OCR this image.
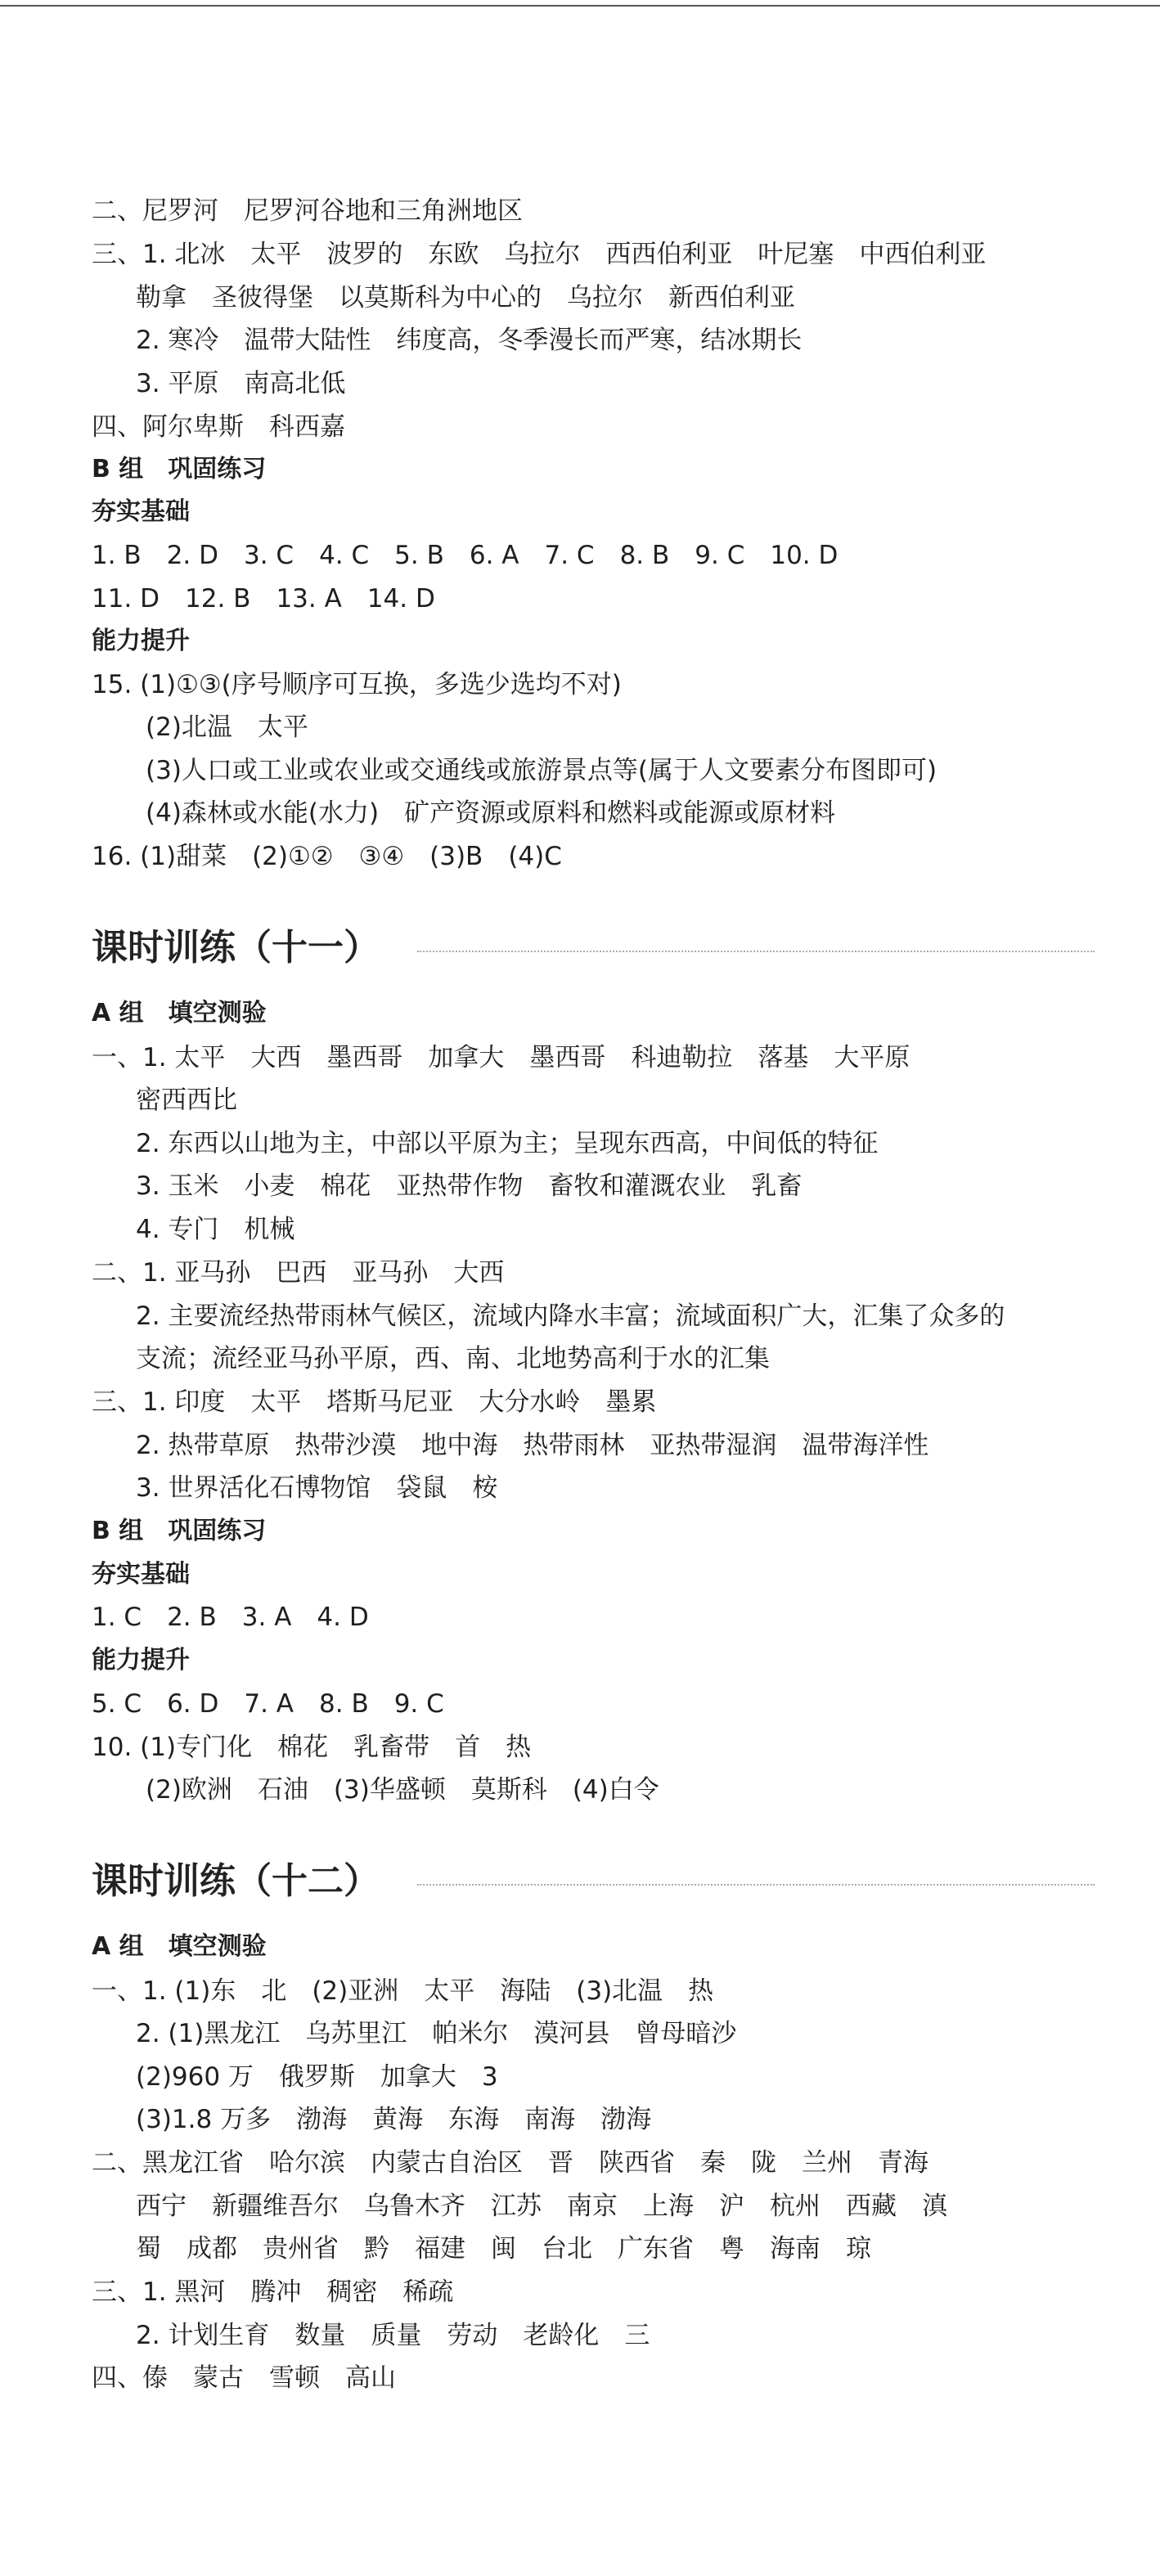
二、尼罗河　尼罗河谷地和三角洲地区
三、1. 北冰　太平　波罗的　东欧　乌拉尔　西西伯利亚　叶尼塞　中西伯利亚
勒拿　圣彼得堡　以莫斯科为中心的　乌拉尔　新西伯利亚
2. 寒冷　温带大陆性　纬度高，冬季漫长而严寒，结冰期长
3. 平原　南高北低
四、阿尔卑斯　科西嘉
B 组　巩固练习
夯实基础
1. B　2. D　3. C　4. C　5. B　6. A　7. C　8. B　9. C　10. D
11. D　12. B　13. A　14. D
能力提升
15. (1)①③(序号顺序可互换，多选少选均不对)
(2)北温　太平
(3)人口或工业或农业或交通线或旅游景点等(属于人文要素分布图即可)
(4)森林或水能(水力)　矿产资源或原料和燃料或能源或原材料
16. (1)甜菜　(2)①②　③④　(3)B　(4)C
课时训练（十一）
A 组　填空测验
一、1. 太平　大西　墨西哥　加拿大　墨西哥　科迪勒拉　落基　大平原
密西西比
2. 东西以山地为主，中部以平原为主；呈现东西高，中间低的特征
3. 玉米　小麦　棉花　亚热带作物　畜牧和灌溉农业　乳畜
4. 专门　机械
二、1. 亚马孙　巴西　亚马孙　大西
2. 主要流经热带雨林气候区，流域内降水丰富；流域面积广大，汇集了众多的
支流；流经亚马孙平原，西、南、北地势高利于水的汇集
三、1. 印度　太平　塔斯马尼亚　大分水岭　墨累
2. 热带草原　热带沙漠　地中海　热带雨林　亚热带湿润　温带海洋性
3. 世界活化石博物馆　袋鼠　桉
B 组　巩固练习
夯实基础
1. C　2. B　3. A　4. D
能力提升
5. C　6. D　7. A　8. B　9. C
10. (1)专门化　棉花　乳畜带　首　热
(2)欧洲　石油　(3)华盛顿　莫斯科　(4)白令
课时训练（十二）
A 组　填空测验
一、1. (1)东　北　(2)亚洲　太平　海陆　(3)北温　热
2. (1)黑龙江　乌苏里江　帕米尔　漠河县　曾母暗沙
(2)960 万　俄罗斯　加拿大　3
(3)1.8 万多　渤海　黄海　东海　南海　渤海
二、黑龙江省　哈尔滨　内蒙古自治区　晋　陕西省　秦　陇　兰州　青海
西宁　新疆维吾尔　乌鲁木齐　江苏　南京　上海　沪　杭州　西藏　滇
蜀　成都　贵州省　黔　福建　闽　台北　广东省　粤　海南　琼
三、1. 黑河　腾冲　稠密　稀疏
2. 计划生育　数量　质量　劳动　老龄化　三
四、傣　蒙古　雪顿　高山
